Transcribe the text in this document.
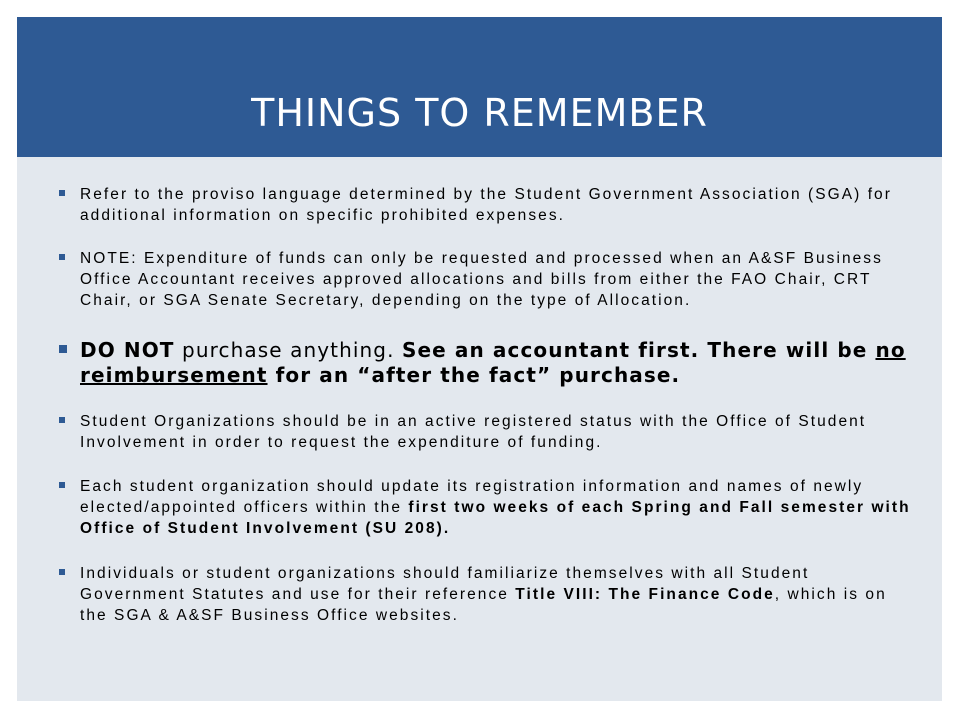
THINGS TO REMEMBER
Refer to the proviso language determined by the Student Government Association (SGA) for additional information on specific prohibited expenses.
NOTE: Expenditure of funds can only be requested and processed when an A&SF Business Office Accountant receives approved allocations and bills from either the FAO Chair, CRT Chair, or SGA Senate Secretary, depending on the type of Allocation.
DO NOT purchase anything. See an accountant first. There will be no reimbursement for an “after the fact” purchase.
Student Organizations should be in an active registered status with the Office of Student Involvement in order to request the expenditure of funding.
Each student organization should update its registration information and names of newly elected/appointed officers within the first two weeks of each Spring and Fall semester with Office of Student Involvement (SU 208).
Individuals or student organizations should familiarize themselves with all Student Government Statutes and use for their reference Title VIII: The Finance Code, which is on the SGA & A&SF Business Office websites.
